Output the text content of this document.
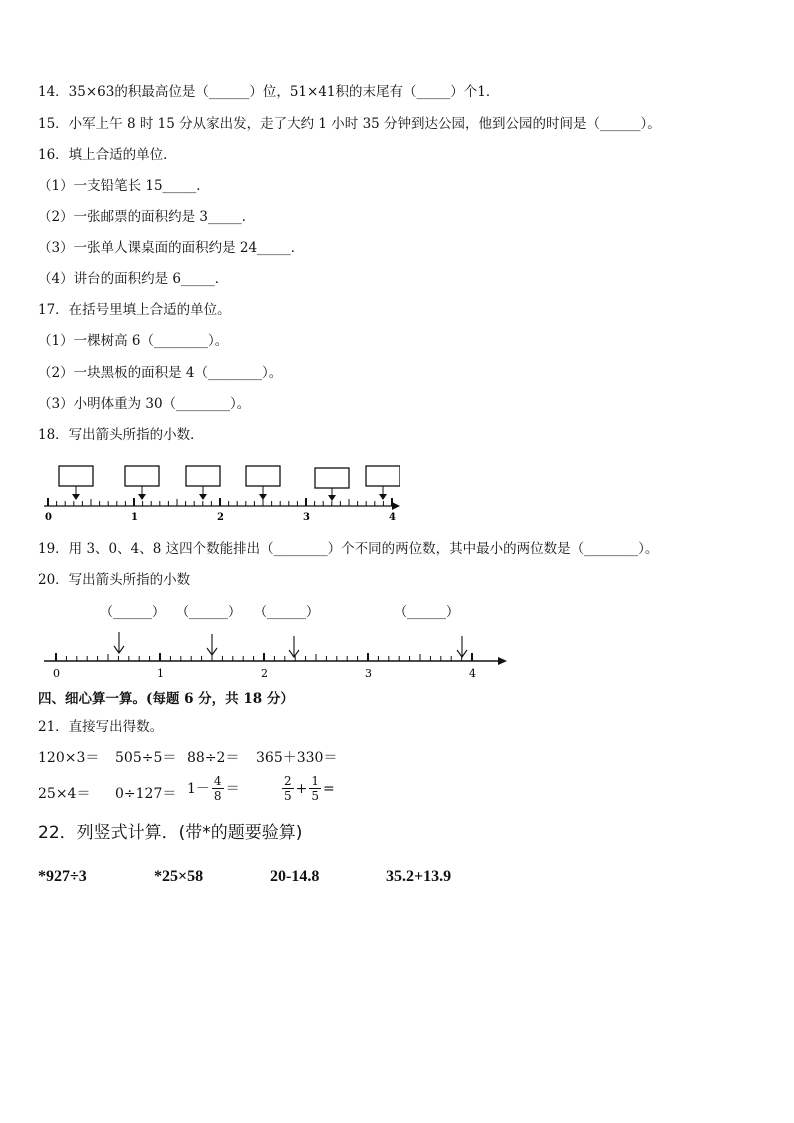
14．35×63的积最高位是（______）位，51×41积的末尾有（_____）个1．
15．小军上午 8 时 15 分从家出发，走了大约 1 小时 35 分钟到达公园，他到公园的时间是（______）。
16．填上合适的单位．
（1）一支铅笔长 15_____．
（2）一张邮票的面积约是 3_____．
（3）一张单人课桌面的面积约是 24_____．
（4）讲台的面积约是 6_____．
17．在括号里填上合适的单位。
（1）一棵树高 6（________）。
（2）一块黑板的面积是 4（________）。
（3）小明体重为 30（________）。
18．写出箭头所指的小数．
0	1	2	3	4
19．用 3、0、4、8 这四个数能排出（________）个不同的两位数，其中最小的两位数是（________）。
20．写出箭头所指的小数
（______） （______） （______）	（______）
0	1	2	3	4
四、细心算一算。(每题 6 分，共 18 分）
21．直接写出得数。
120×3＝ 505÷5＝ 88÷2＝ 365＋330＝
$25\times 4= 0\div 127= 1- \frac{4}{8}$ ＝	$\frac{2}{5} + \frac{1}{5}$ =
22．列竖式计算．(带*的题要验算)
*927÷3	*25×58	20-14.8	35.2+13.9
